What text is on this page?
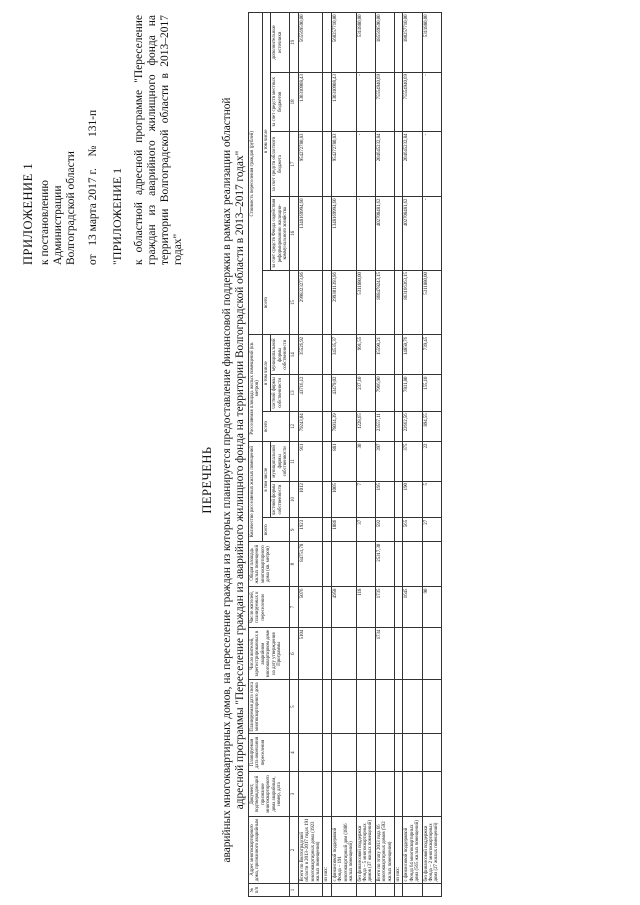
ПРИЛОЖЕНИЕ 1 к постановлению Администрации Волгоградской области от   13 марта 2017 г.    №   131-п
"ПРИЛОЖЕНИЕ 1 к областной адресной программе "Переселение граждан из аварийного жилищного фонда на территории Волгоградской области в 2013–2017 годах"
ПЕРЕЧЕНЬ аварийных многоквартирных домов, на переселение граждан из которых планируется предоставление финансовой поддержки в рамках реализации областной адресной программы "Переселение граждан из аварийного жилищного фонда на территории Волгоградской области в 2013–2017 годах"
№ п/п	Адрес многоквартирного дома, признанного аварийным	Документ, подтверждающий признание многоквартирного дома аварийным, номер, дата	Планируемая дата окончания переселения	Планируемая дата сноса многоквартирного дома	Число жителей, зарегистрированных в аварийном многоквартирном доме на дату утверждения Программы	Число жителей, планируемых к переселению	Общая площадь жилых помещений многоквартирного дома (кв. метров)	Количество расселяемых жилых помещений			Расселяемая площадь жилых помещений (кв. метров)			Стоимость переселения граждан (рублей)				
								всего	в том числе		всего	в том числе		всего	в том числе			
									частной формы собственности	муниципальной формы собственности		частной формы собственности	муниципальной формы собственности		за счет средств Фонда содействия реформированию жилищно-коммунального хозяйства	за счет средств областного бюджета	за счет средств местных бюджетов	дополнительные источники
1	2	3	4	5	6	7	8	9	10	11	12	13	14	15	16	17	18	19
	Всего по Волгоградской области в 2013–2017 годах 191 многоквартирных дома (1923 жилых помещения)				5104	5076	84751,78	1923	1012	911	79243,04	43716,12	35526,92	2998323273,86	1348169994,60	954272780,83	130310908,43	565569590,00
	из них:																	
	с финансовой поддержкой Фонда – 191 многоквартирный дом (1886 жилых помещений)					4958		1886	1005	881	78014,39	43479,02	34535,37	2993011393,86	1348169994,60	954272780,83	130310908,43	560257710,00
	без финансовой поддержки Фонда – 5 многоквартирных домов (37 жилых помещений)					118		37	7	30	1228,65	237,10	991,55	5311880,00	-	-	-	5311880,00
	Всего по этапу 2013 года 66 многоквартирных домов (592 жилых помещения)				1734	1735	25317,30	592	195	397	23557,11	7966,90	15590,21	868478243,15	402708481,62	204645232,84	75554940,69	185569590,00
	из них:																	
	с финансовой поддержкой Фонда 64 многоквартирных дома (565 жилых помещений)					1645		565	190	375	22662,56	7811,80	14850,76	863166363,15	402708481,62	204645232,84	75554940,69	180257710,00
	без финансовой поддержки Фонда – 2 многоквартирных дома (27 жилых помещений)					90		27	5	22	894,55	155,10	739,45	5311880,00	-	-	-	5311880,00
